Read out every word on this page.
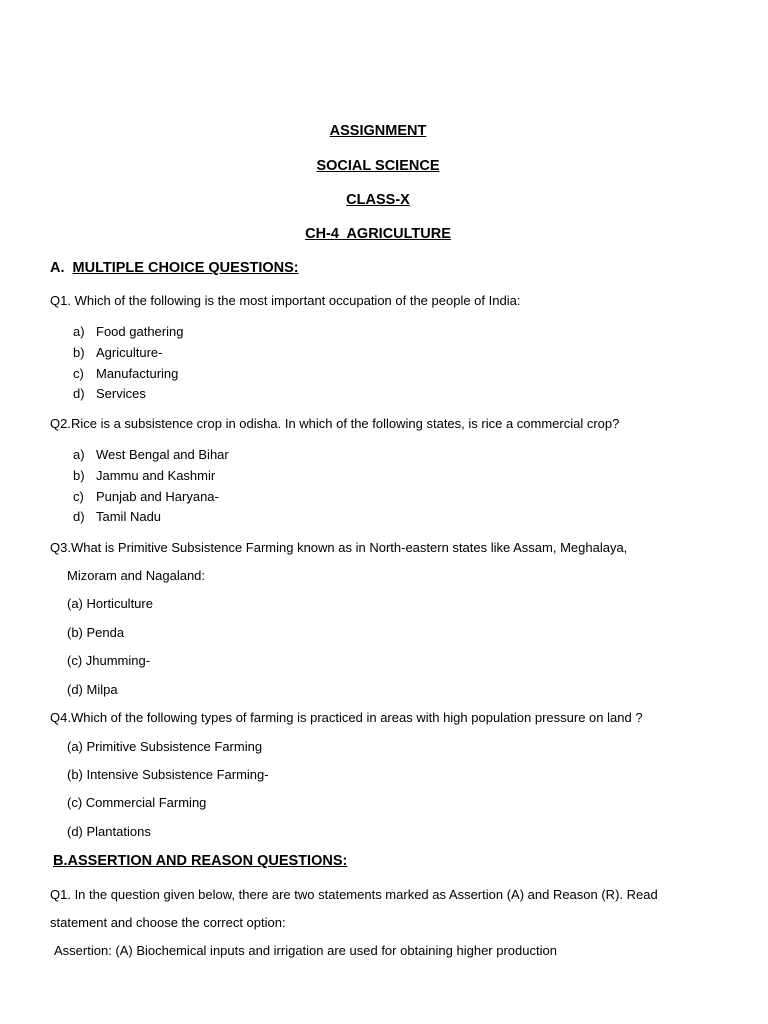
ASSIGNMENT
SOCIAL SCIENCE
CLASS-X
CH-4  AGRICULTURE
A. MULTIPLE CHOICE QUESTIONS:
Q1. Which of the following is the most important occupation of the people of India:
a) Food gathering
b) Agriculture-
c) Manufacturing
d) Services
Q2.Rice is a subsistence crop in odisha. In which of the following states, is rice a commercial crop?
a) West Bengal and Bihar
b) Jammu and Kashmir
c) Punjab and Haryana-
d) Tamil Nadu
Q3.What is Primitive Subsistence Farming known as in North-eastern states like Assam, Meghalaya,
Mizoram and Nagaland:
(a) Horticulture
(b) Penda
(c) Jhumming-
(d) Milpa
Q4.Which of the following types of farming is practiced in areas with high population pressure on land ?
(a) Primitive Subsistence Farming
(b) Intensive Subsistence Farming-
(c) Commercial Farming
(d) Plantations
B.ASSERTION AND REASON QUESTIONS:
Q1. In the question given below, there are two statements marked as Assertion (A) and Reason (R). Read
statement and choose the correct option:
Assertion: (A) Biochemical inputs and irrigation are used for obtaining higher production
